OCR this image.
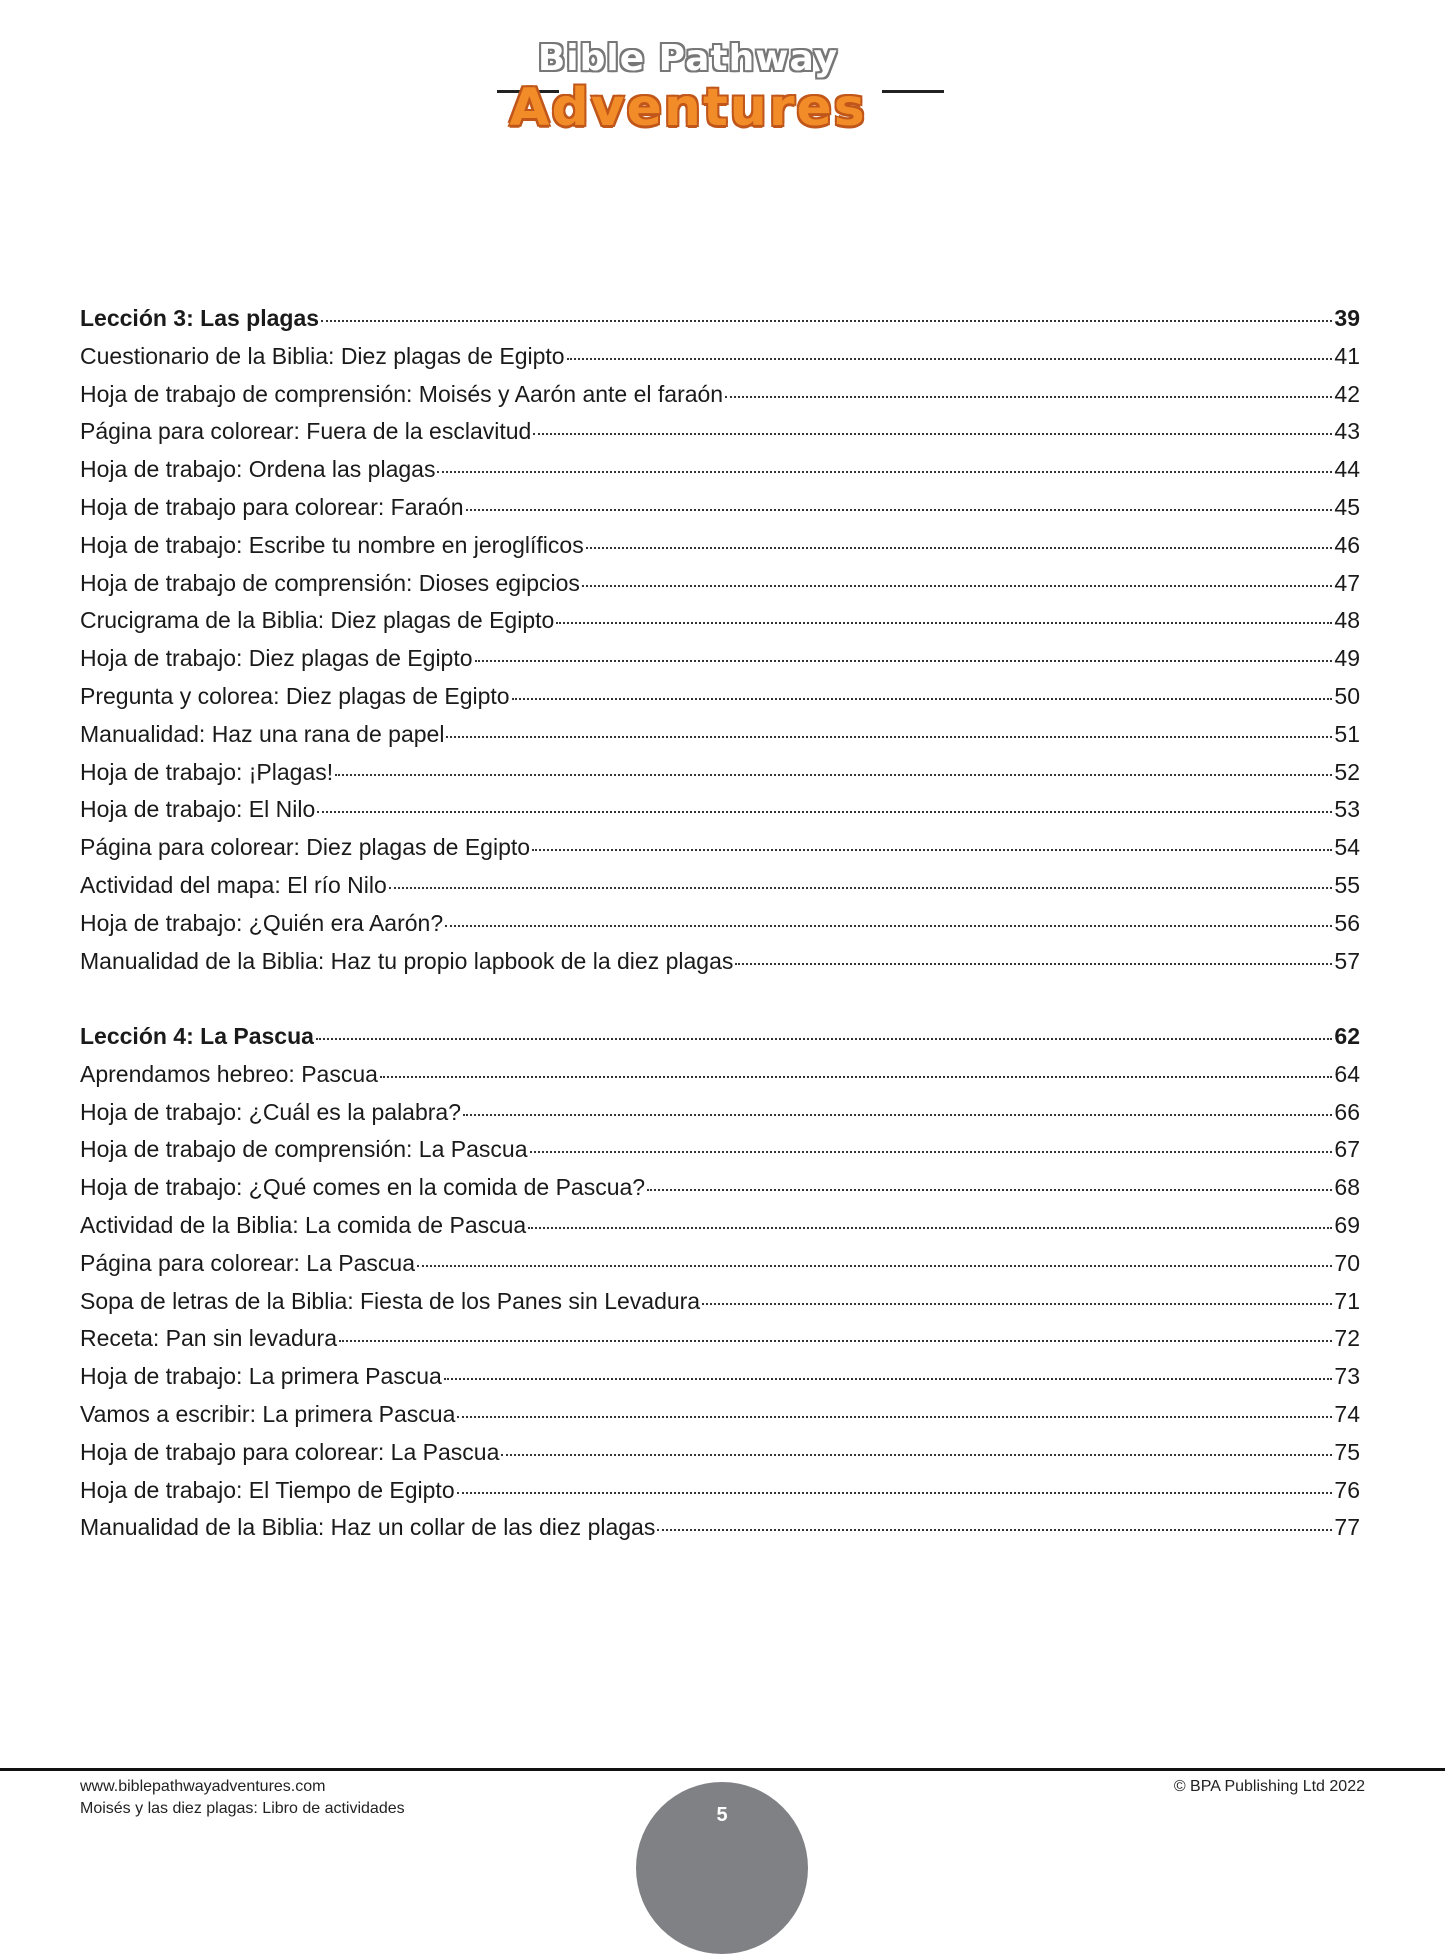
Bible Pathway
Adventures
Lección 3: Las plagas	39
Cuestionario de la Biblia: Diez plagas de Egipto	41
Hoja de trabajo de comprensión: Moisés y Aarón ante el faraón	42
Página para colorear: Fuera de la esclavitud	43
Hoja de trabajo: Ordena las plagas	44
Hoja de trabajo para colorear: Faraón	45
Hoja de trabajo: Escribe tu nombre en jeroglíficos	46
Hoja de trabajo de comprensión: Dioses egipcios	47
Crucigrama de la Biblia: Diez plagas de Egipto	48
Hoja de trabajo: Diez plagas de Egipto	49
Pregunta y colorea: Diez plagas de Egipto	50
Manualidad: Haz una rana de papel	51
Hoja de trabajo: ¡Plagas!	52
Hoja de trabajo: El Nilo	53
Página para colorear: Diez plagas de Egipto	54
Actividad del mapa: El río Nilo	55
Hoja de trabajo: ¿Quién era Aarón?	56
Manualidad de la Biblia: Haz tu propio lapbook de la diez plagas	57
Lección 4: La Pascua	62
Aprendamos hebreo: Pascua	64
Hoja de trabajo: ¿Cuál es la palabra?	66
Hoja de trabajo de comprensión: La Pascua	67
Hoja de trabajo: ¿Qué comes en la comida de Pascua?	68
Actividad de la Biblia: La comida de Pascua	69
Página para colorear: La Pascua	70
Sopa de letras de la Biblia: Fiesta de los Panes sin Levadura	71
Receta: Pan sin levadura	72
Hoja de trabajo: La primera Pascua	73
Vamos a escribir: La primera Pascua	74
Hoja de trabajo para colorear: La Pascua	75
Hoja de trabajo: El Tiempo de Egipto	76
Manualidad de la Biblia: Haz un collar de las diez plagas	77
www.biblepathwayadventures.com
Moisés y las diez plagas: Libro de actividades
© BPA Publishing Ltd 2022
5
